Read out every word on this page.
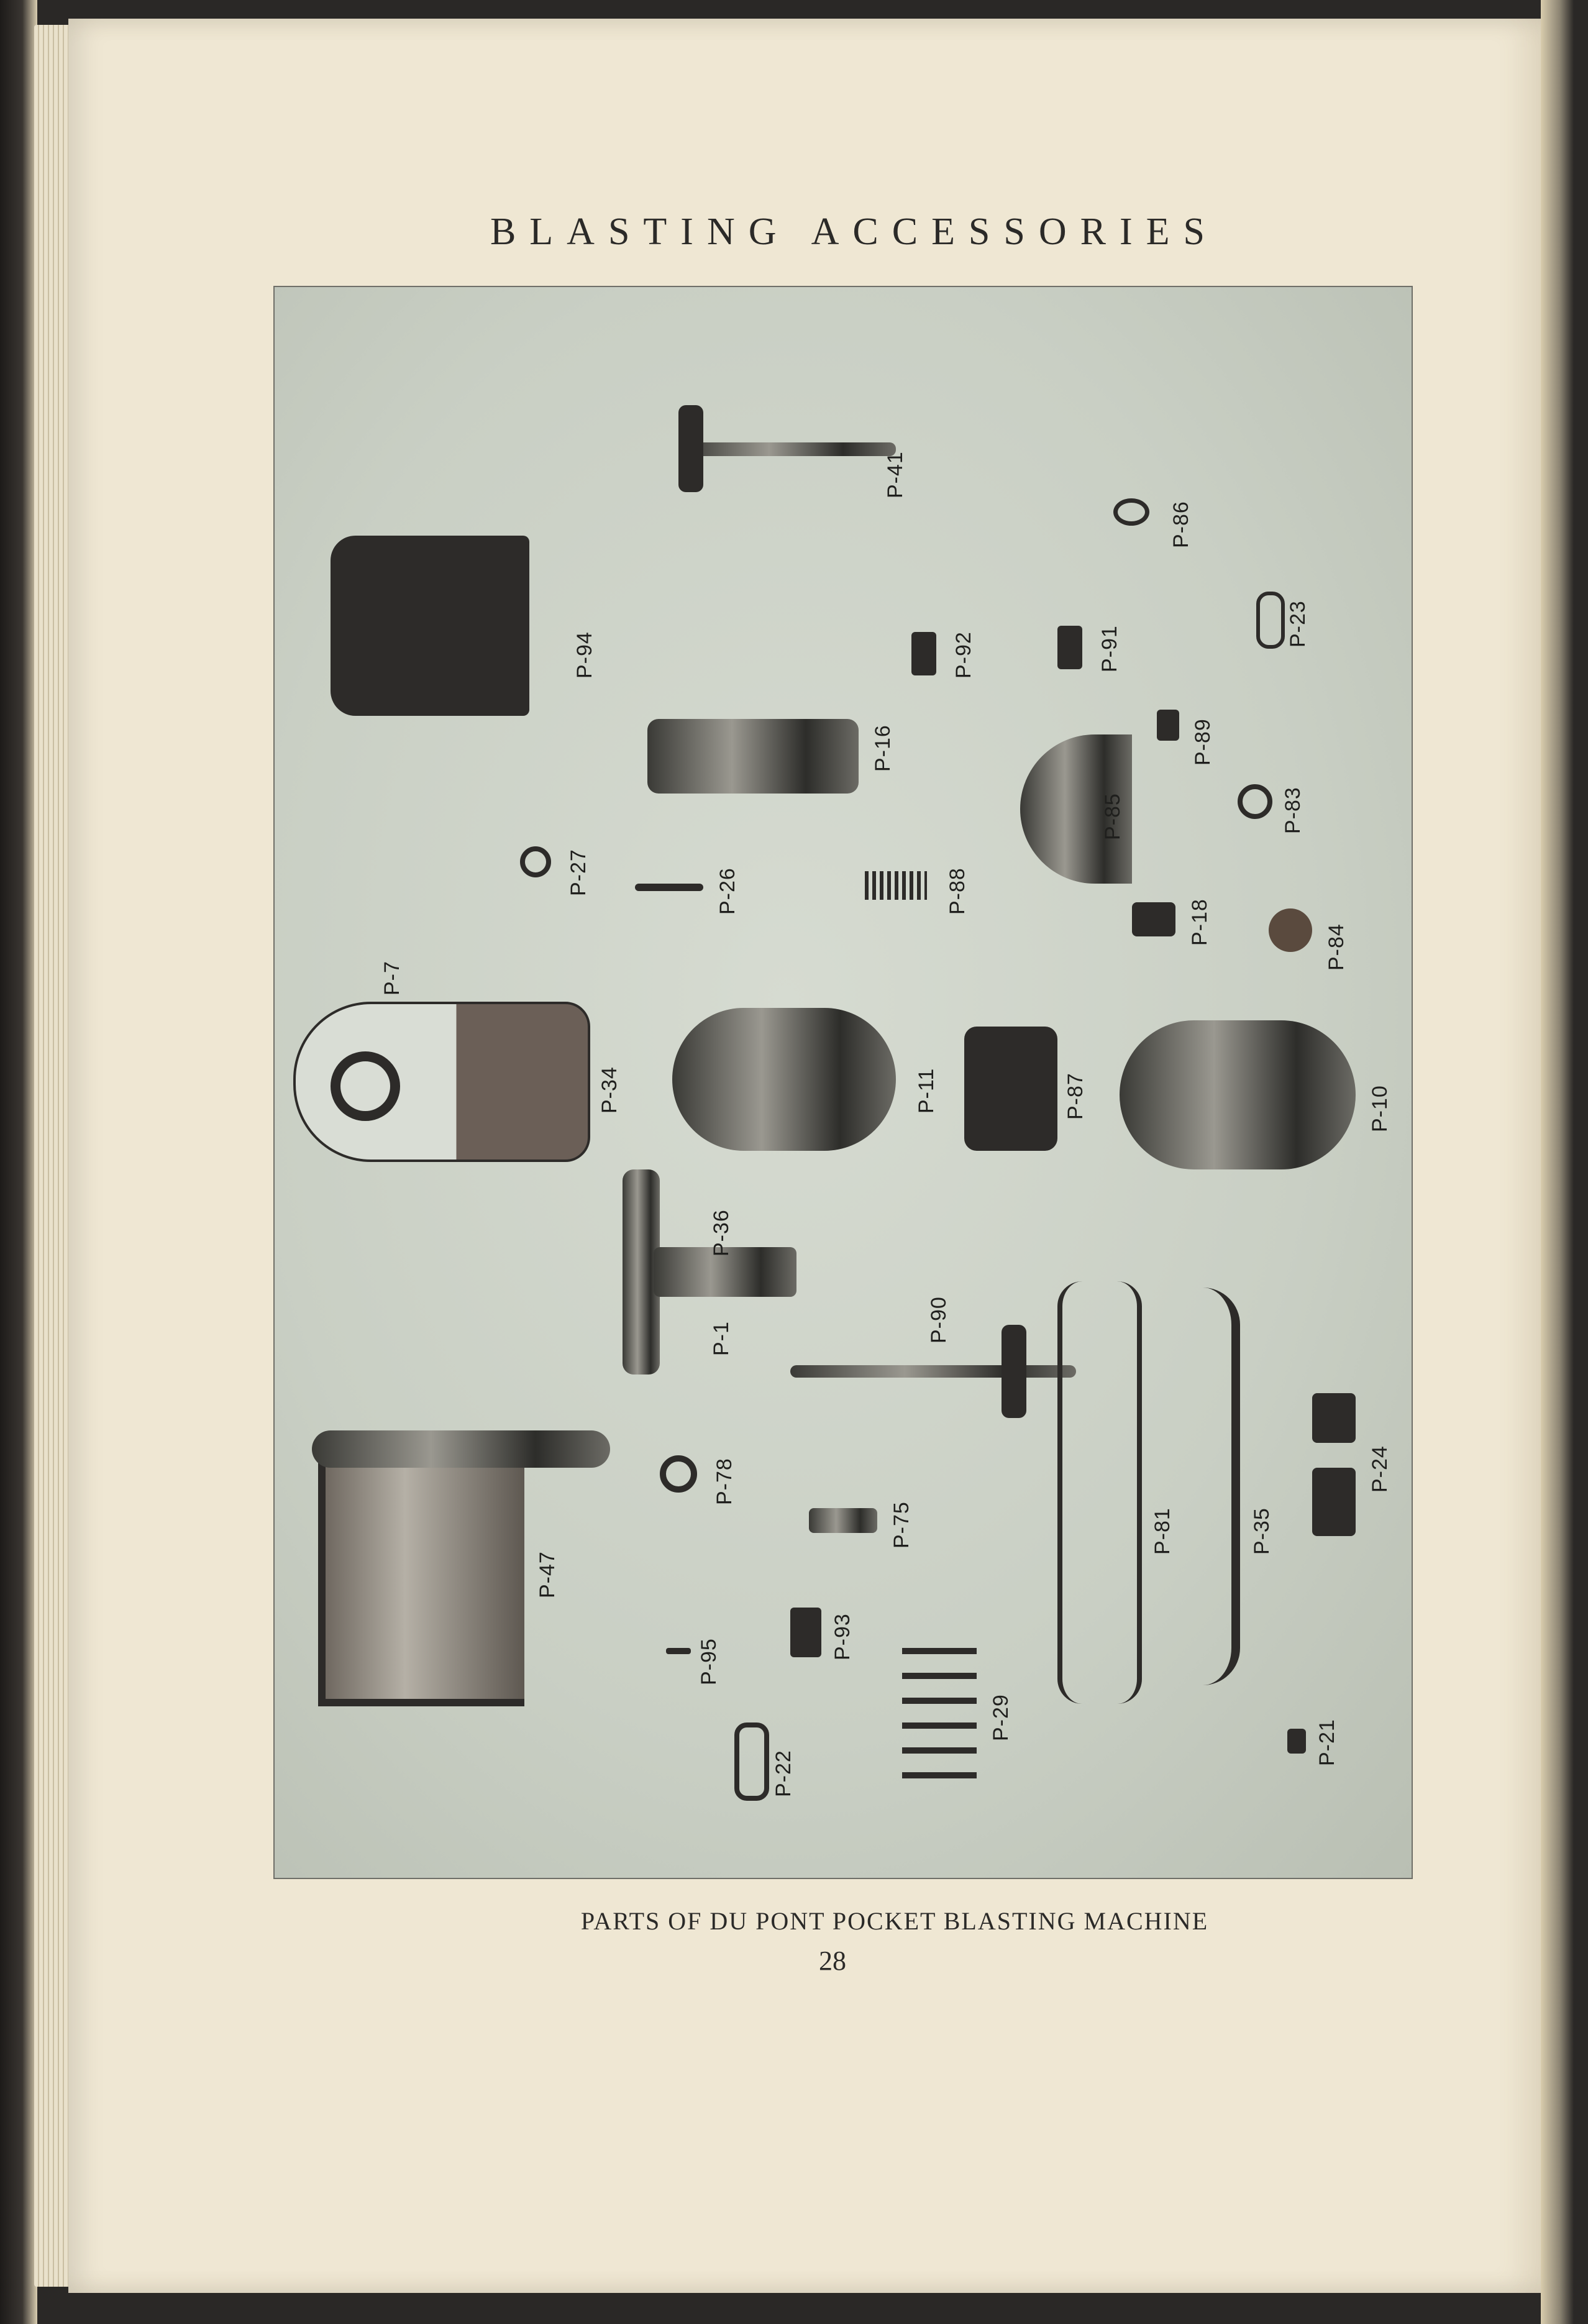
BLASTING ACCESSORIES
P-41
P-86
P-94	P-92	P-91
P-23
P-16	P-89
P-85	P-83
P-27	P-26	P-88
P-18
P-84
P-7
P-34	P-11	P-87	P-10
P-36
P-1	P-90
P-81	P-35
P-24
P-47
P-78
P-75
P-95
P-93
P-29
P-22
P-21
PARTS OF DU PONT POCKET BLASTING MACHINE
28
